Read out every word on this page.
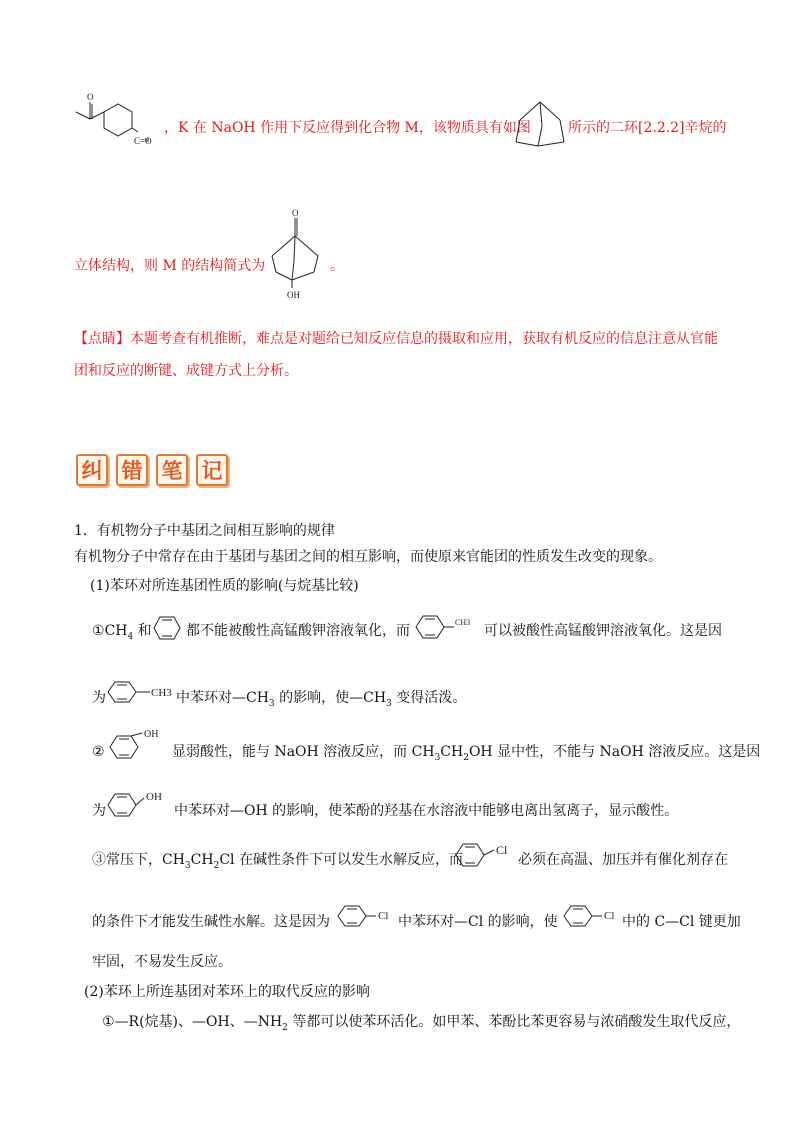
O
C=O
，K 在 NaOH 作用下反应得到化合物 M，该物质具有如图	所示的二环[2.2.2]辛烷的
立体结构，则 M 的结构简式为
O
OH
。
【点睛】本题考查有机推断，难点是对题给已知反应信息的摄取和应用，获取有机反应的信息注意从官能
团和反应的断键、成键方式上分析。
纠 错 笔 记
1．有机物分子中基团之间相互影响的规律
有机物分子中常存在由于基团与基团之间的相互影响，而使原来官能团的性质发生改变的现象。
(1)苯环对所连基团性质的影响(与烷基比较)
$①CH_4$ 和 都不能被酸性高锰酸钾溶液氧化，而
CH3
可以被酸性高锰酸钾溶液氧化。这是因
为	CH3 中苯环对$—CH_3$ 的影响，使$—CH_3$ 变得活泼。
②
OH
显弱酸性，能与 NaOH 溶液反应，而 $CH_3CH_2OH$ 显中性，不能与 NaOH 溶液反应。这是因
为
OH
中苯环对—OH 的影响，使苯酚的羟基在水溶液中能够电离出氢离子，显示酸性。
③常压下，$CH_3CH_2Cl$ 在碱性条件下可以发生水解反应，而
Cl
必须在高温、加压并有催化剂存在
的条件下才能发生碱性水解。这是因为	Cl 中苯环对—Cl 的影响，使	Cl 中的 C—Cl 键更加
牢固，不易发生反应。
(2)苯环上所连基团对苯环上的取代反应的影响
①—R(烷基)、—OH、$—NH_2$ 等都可以使苯环活化。如甲苯、苯酚比苯更容易与浓硝酸发生取代反应，
